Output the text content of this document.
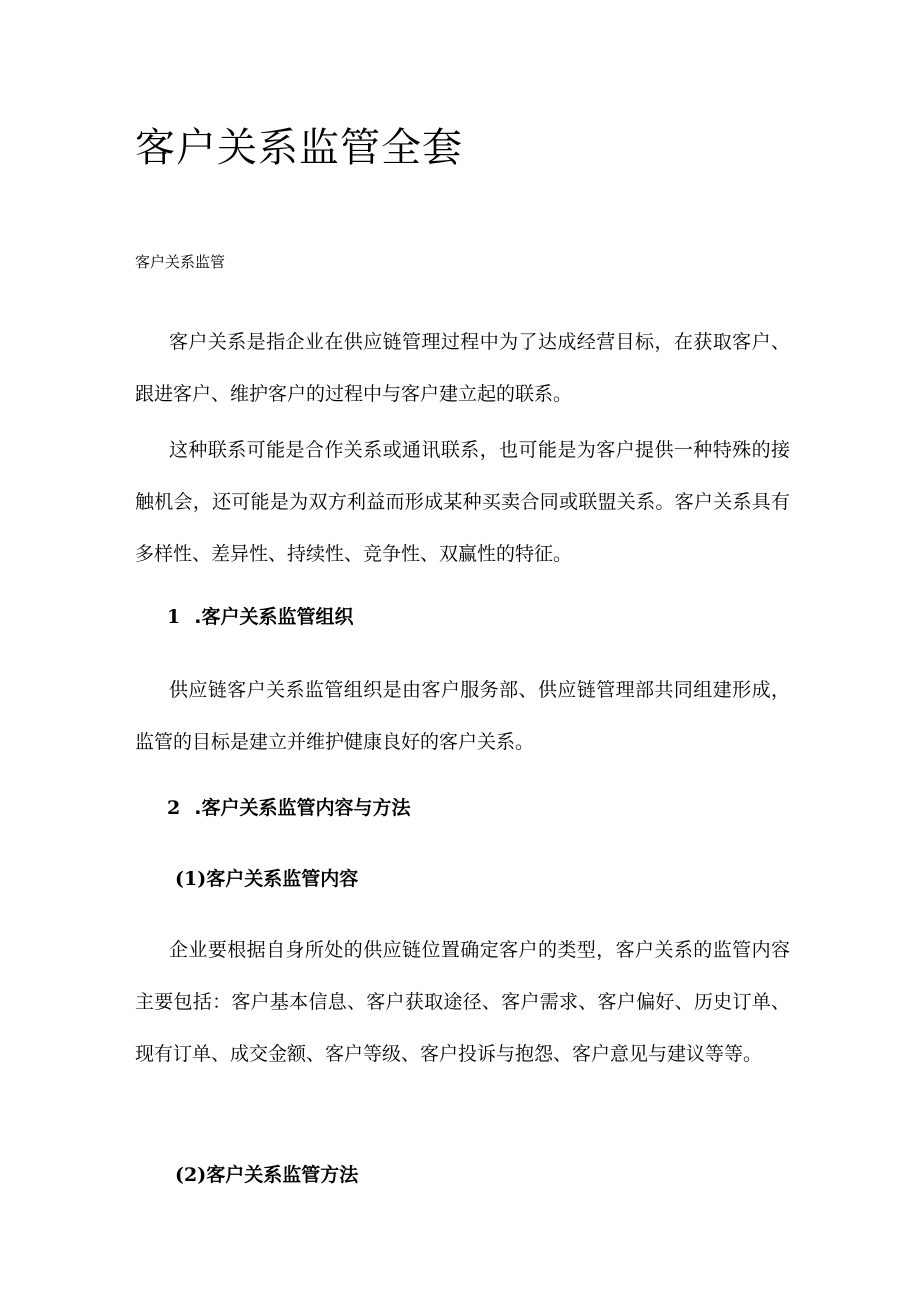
客户关系监管全套

客户关系监管

客户关系是指企业在供应链管理过程中为了达成经营目标，在获取客户、跟进客户、维护客户的过程中与客户建立起的联系。

这种联系可能是合作关系或通讯联系，也可能是为客户提供一种特殊的接触机会，还可能是为双方利益而形成某种买卖合同或联盟关系。客户关系具有多样性、差异性、持续性、竞争性、双赢性的特征。

1 .客户关系监管组织

供应链客户关系监管组织是由客户服务部、供应链管理部共同组建形成，监管的目标是建立并维护健康良好的客户关系。

2 .客户关系监管内容与方法
(1)客户关系监管内容

企业要根据自身所处的供应链位置确定客户的类型，客户关系的监管内容主要包括：客户基本信息、客户获取途径、客户需求、客户偏好、历史订单、现有订单、成交金额、客户等级、客户投诉与抱怨、客户意见与建议等等。

(2)客户关系监管方法
